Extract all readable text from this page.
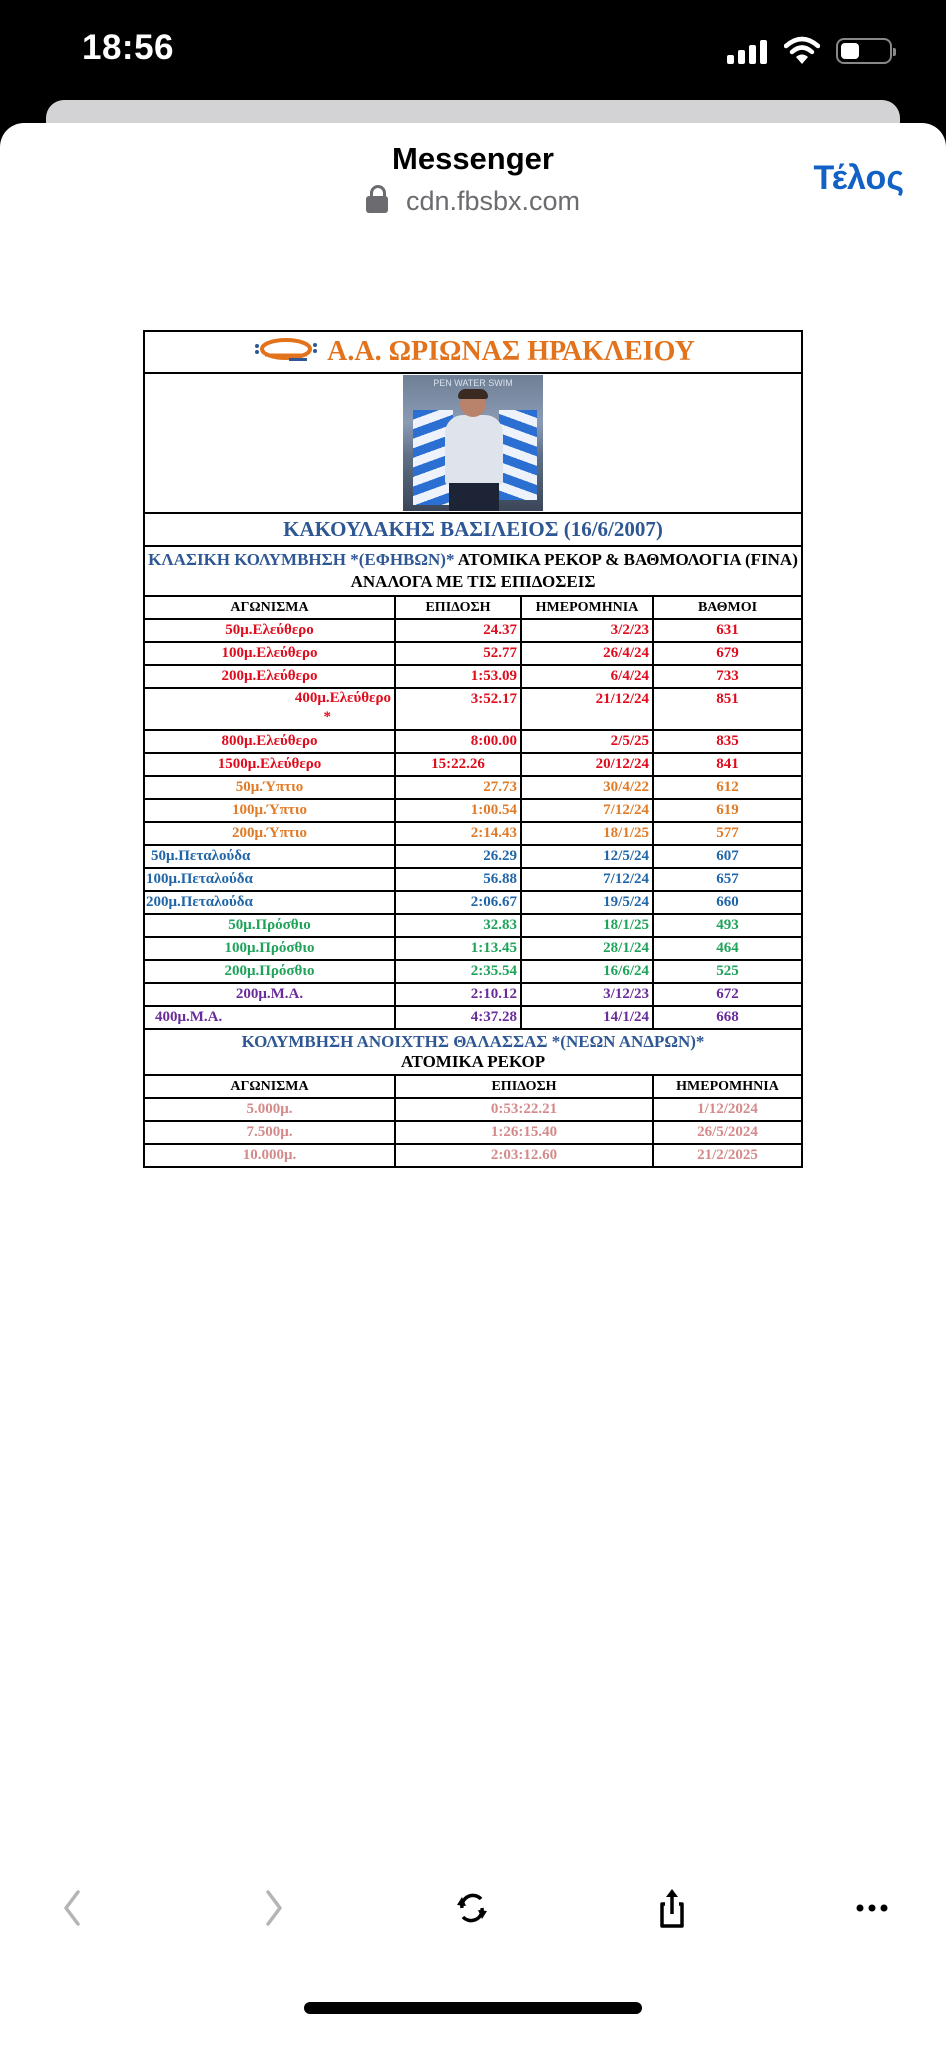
18:56
Messenger
cdn.fbsbx.com
Τέλος
Α.Α. ΩΡΙΩΝΑΣ ΗΡΑΚΛΕΙΟΥ			

PEN WATER SWIM			

ΚΑΚΟΥΛΑΚΗΣ ΒΑΣΙΛΕΙΟΣ (16/6/2007)			
ΚΛΑΣΙΚΗ ΚΟΛΥΜΒΗΣΗ *(ΕΦΗΒΩΝ)* ΑΤΟΜΙΚΑ ΡΕΚΟΡ & ΒΑΘΜΟΛΟΓΙΑ (FINA) ΑΝΑΛΟΓΑ ΜΕ ΤΙΣ ΕΠΙΔΟΣΕΙΣ			
ΑΓΩΝΙΣΜΑ	ΕΠΙΔΟΣΗ	ΗΜΕΡΟΜΗΝΙΑ	ΒΑΘΜΟΙ
50μ.Ελεύθερο	24.37	3/2/23	631
100μ.Ελεύθερο	52.77	26/4/24	679
200μ.Ελεύθερο	1:53.09	6/4/24	733
400μ.Ελεύθερο
*	3:52.17	21/12/24	851
800μ.Ελεύθερο	8:00.00	2/5/25	835
1500μ.Ελεύθερο	15:22.26	20/12/24	841
50μ.Ύπτιο	27.73	30/4/22	612
100μ.Ύπτιο	1:00.54	7/12/24	619
200μ.Ύπτιο	2:14.43	18/1/25	577
50μ.Πεταλούδα	26.29	12/5/24	607
100μ.Πεταλούδα	56.88	7/12/24	657
200μ.Πεταλούδα	2:06.67	19/5/24	660
50μ.Πρόσθιο	32.83	18/1/25	493
100μ.Πρόσθιο	1:13.45	28/1/24	464
200μ.Πρόσθιο	2:35.54	16/6/24	525
200μ.Μ.Α.	2:10.12	3/12/23	672
400μ.Μ.Α.	4:37.28	14/1/24	668
ΚΟΛΥΜΒΗΣΗ ΑΝΟΙΧΤΗΣ ΘΑΛΑΣΣΑΣ *(ΝΕΩΝ ΑΝΔΡΩΝ)*
ΑΤΟΜΙΚΑ ΡΕΚΟΡ			
ΑΓΩΝΙΣΜΑ	ΕΠΙΔΟΣΗ	ΗΜΕΡΟΜΗΝΙΑ
5.000μ.	0:53:22.21	1/12/2024
7.500μ.	1:26:15.40	26/5/2024
10.000μ.	2:03:12.60	21/2/2025
